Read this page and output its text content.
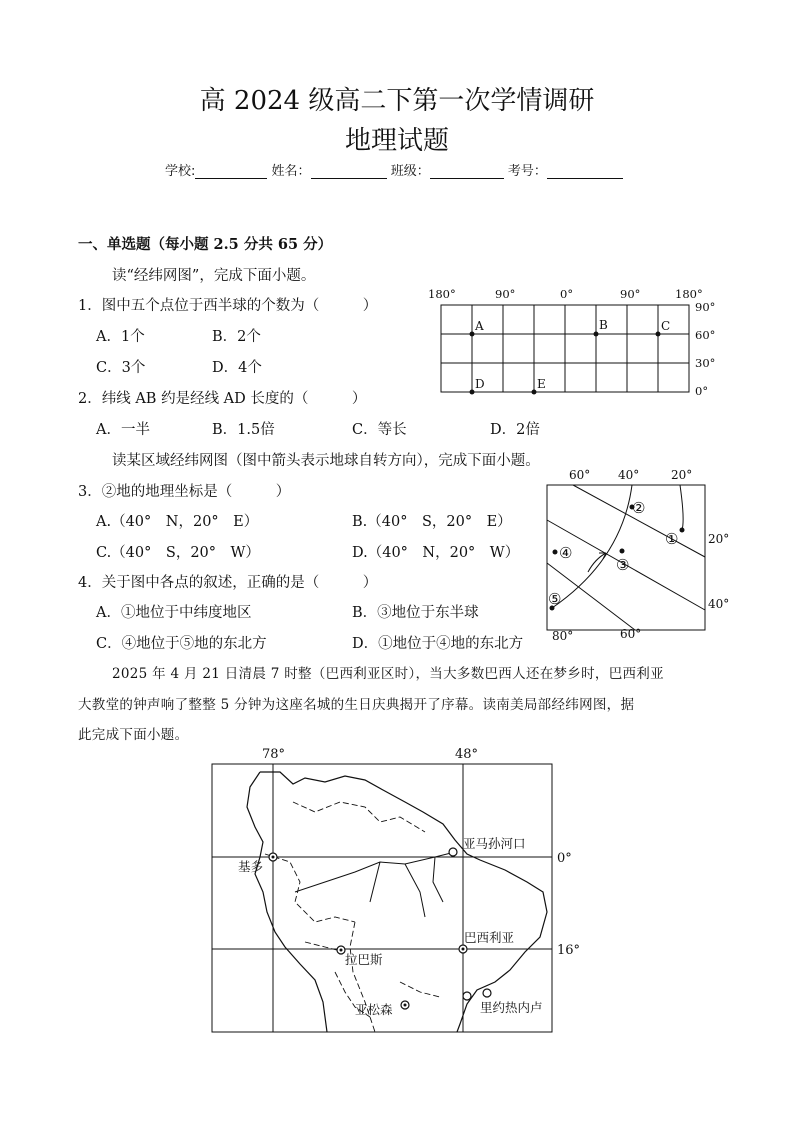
高 2024 级高二下第一次学情调研
地理试题
学校:	姓名：	班级：	考号：
一、单选题（每小题 2.5 分共 65 分）
读“经纬网图”，完成下面小题。
1．图中五个点位于西半球的个数为（　　　）
A．1个	B．2个
C．3个	D．4个
2．纬线 AB 约是经线 AD 长度的（　　　）
A．一半	B．1.5倍	C．等长	D．2倍
读某区域经纬网图（图中箭头表示地球自转方向），完成下面小题。
3．②地的地理坐标是（　　　）
A.（40°　N，20°　E）	B.（40°　S，20°　E）
C.（40°　S，20°　W）	D.（40°　N，20°　W）
4．关于图中各点的叙述，正确的是（　　　）
A．①地位于中纬度地区	B．③地位于东半球
C．④地位于⑤地的东北方	D．①地位于④地的东北方
2025 年 4 月 21 日清晨 7 时整（巴西利亚区时），当大多数巴西人还在梦乡时，巴西利亚
大教堂的钟声响了整整 5 分钟为这座名城的生日庆典揭开了序幕。读南美局部经纬网图，据
此完成下面小题。
180°	90°	0°	90°	180°
90°
60°
30°
0°
A	B	C
D	E
60° 40°	20°
80°	60°
20°
40°
①
②
③
④
⑤
78°	48°
0°
16°
亚马孙河口
基多
巴西利亚
拉巴斯
亚松森	里约热内卢
